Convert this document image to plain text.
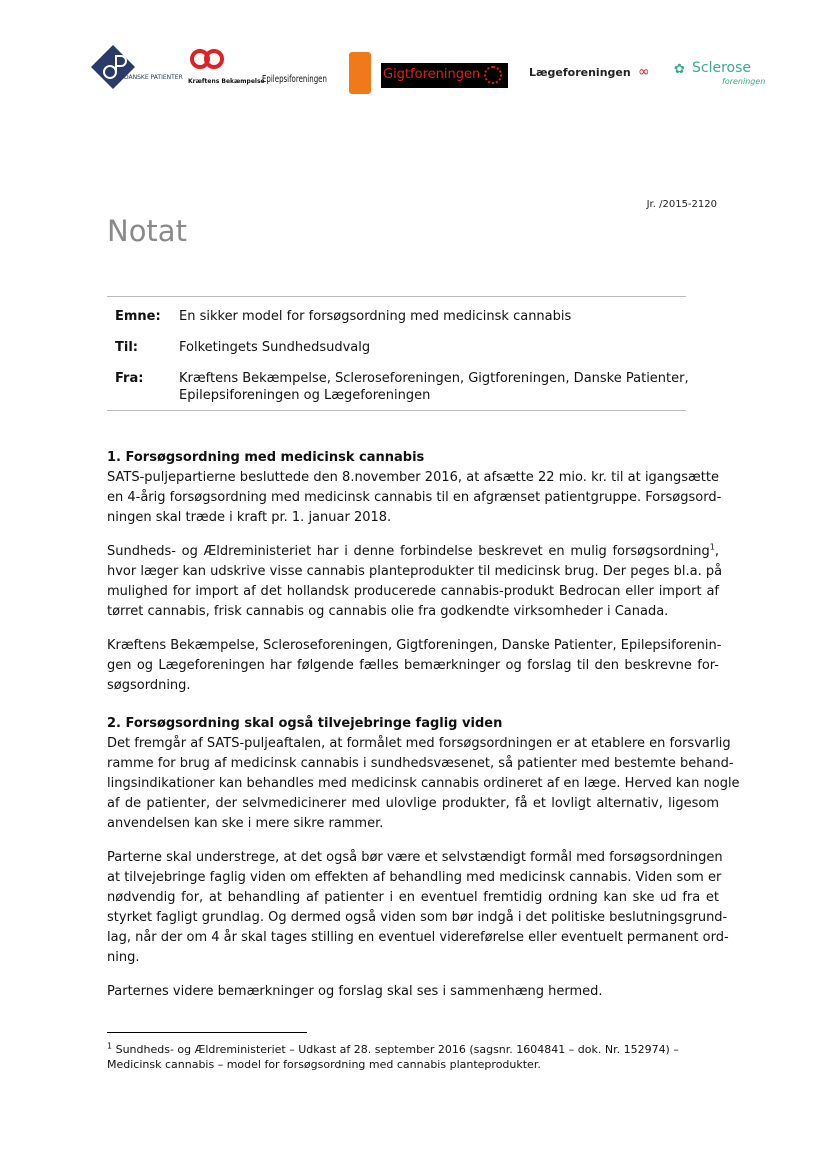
DANSKE PATIENTER
Kræftens Bekæmpelse
Epilepsiforeningen	Gigtforeningen	Lægeforeningen ∞ ✿ Sclerose
foreningen
Jr. /2015-2120
Notat
Emne:	En sikker model for forsøgsordning med medicinsk cannabis
Til:	Folketingets Sundhedsudvalg
Fra:	Kræftens Bekæmpelse, Scleroseforeningen, Gigtforeningen, Danske Patienter,
Epilepsiforeningen og Lægeforeningen
1. Forsøgsordning med medicinsk cannabis

SATS-puljepartierne besluttede den 8.november 2016, at afsætte 22 mio. kr. til at igangsætte
en 4-årig forsøgsordning med medicinsk cannabis til en afgrænset patientgruppe. Forsøgsord-
ningen skal træde i kraft pr. 1. januar 2018.

Sundheds- og Ældreministeriet har i denne forbindelse beskrevet en mulig forsøgsordning$^1$,
hvor læger kan udskrive visse cannabis planteprodukter til medicinsk brug. Der peges bl.a. på
mulighed for import af det hollandsk producerede cannabis-produkt Bedrocan eller import af
tørret cannabis, frisk cannabis og cannabis olie fra godkendte virksomheder i Canada.

Kræftens Bekæmpelse, Scleroseforeningen, Gigtforeningen, Danske Patienter, Epilepsiforenin-
gen og Lægeforeningen har følgende fælles bemærkninger og forslag til den beskrevne for-
søgsordning.

2. Forsøgsordning skal også tilvejebringe faglig viden

Det fremgår af SATS-puljeaftalen, at formålet med forsøgsordningen er at etablere en forsvarlig
ramme for brug af medicinsk cannabis i sundhedsvæsenet, så patienter med bestemte behand-
lingsindikationer kan behandles med medicinsk cannabis ordineret af en læge. Herved kan nogle
af de patienter, der selvmedicinerer med ulovlige produkter, få et lovligt alternativ, ligesom
anvendelsen kan ske i mere sikre rammer.

Parterne skal understrege, at det også bør være et selvstændigt formål med forsøgsordningen
at tilvejebringe faglig viden om effekten af behandling med medicinsk cannabis. Viden som er
nødvendig for, at behandling af patienter i en eventuel fremtidig ordning kan ske ud fra et
styrket fagligt grundlag. Og dermed også viden som bør indgå i det politiske beslutningsgrund-
lag, når der om 4 år skal tages stilling en eventuel videreførelse eller eventuelt permanent ord-
ning.

Parternes videre bemærkninger og forslag skal ses i sammenhæng hermed.

$^1$ Sundheds- og Ældreministeriet – Udkast af 28. september 2016 (sagsnr. 1604841 – dok. Nr. 152974) –
Medicinsk cannabis – model for forsøgsordning med cannabis planteprodukter.
